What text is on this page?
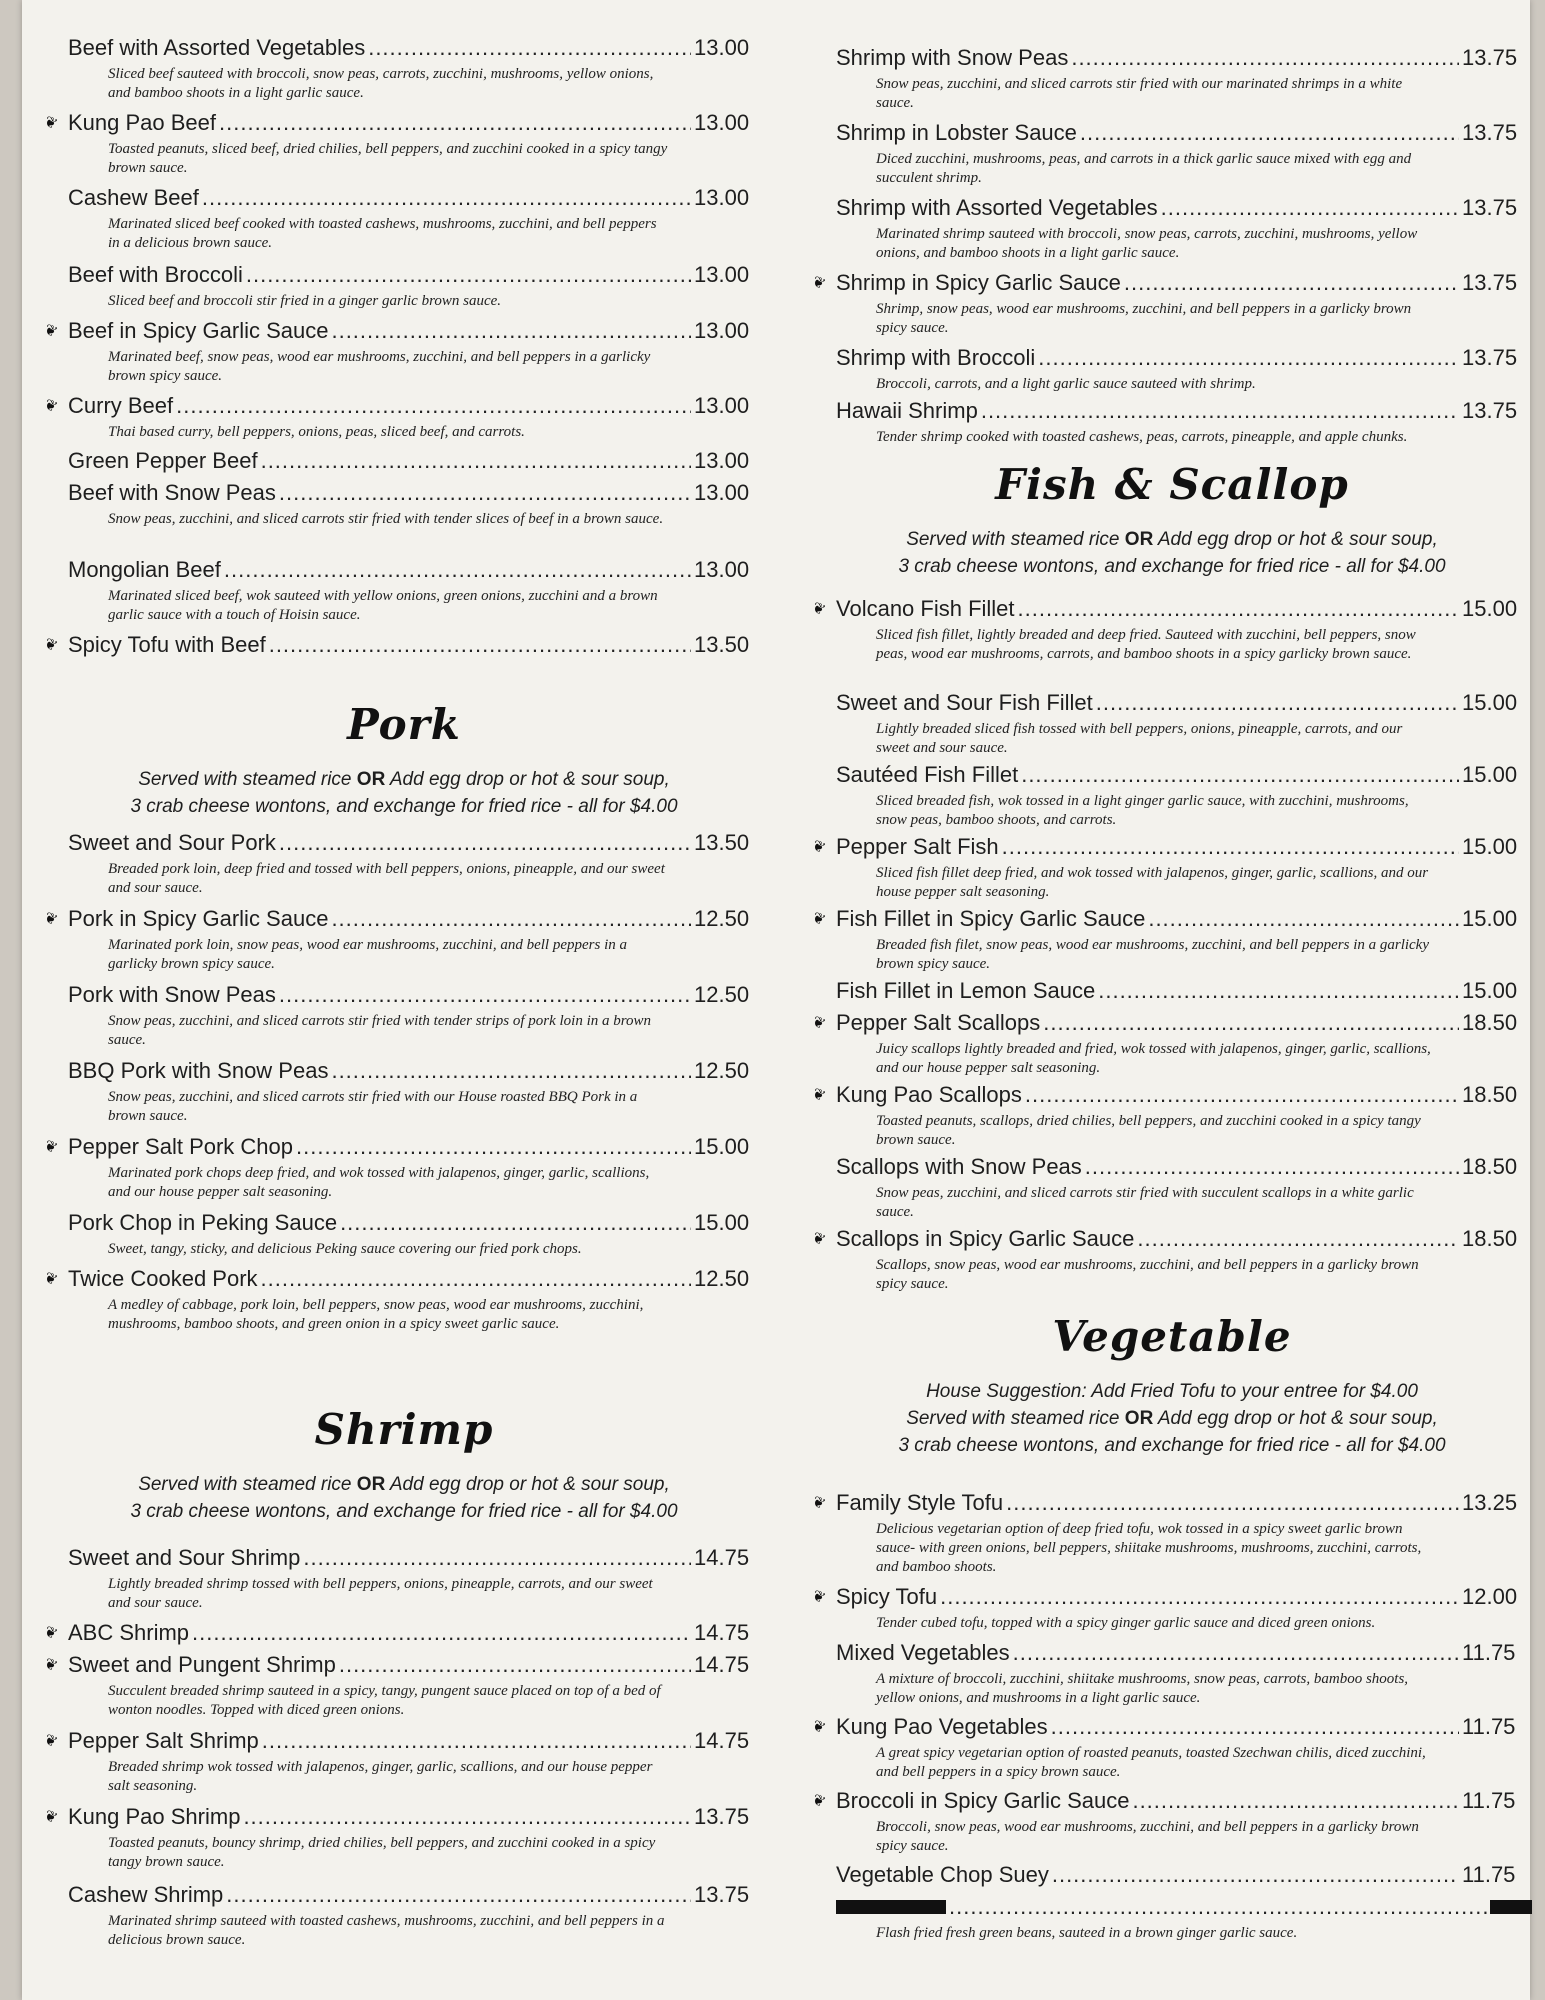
Beef with Assorted Vegetables .....	13.00
Sliced beef sauteed with broccoli, snow peas, carrots, zucchini, mushrooms, yellow onions, and bamboo shoots in a light garlic sauce.
❦ Kung Pao Beef .....	13.00
Toasted peanuts, sliced beef, dried chilies, bell peppers, and zucchini cooked in a spicy tangy brown sauce.
Cashew Beef .....	13.00
Marinated sliced beef cooked with toasted cashews, mushrooms, zucchini, and bell peppers in a delicious brown sauce.
Beef with Broccoli .....	13.00
Sliced beef and broccoli stir fried in a ginger garlic brown sauce.
❦ Beef in Spicy Garlic Sauce .....	13.00
Marinated beef, snow peas, wood ear mushrooms, zucchini, and bell peppers in a garlicky brown spicy sauce.
❦ Curry Beef .....	13.00
Thai based curry, bell peppers, onions, peas, sliced beef, and carrots.
Green Pepper Beef .....	13.00
Beef with Snow Peas .....	13.00
Snow peas, zucchini, and sliced carrots stir fried with tender slices of beef in a brown sauce.
Mongolian Beef .....	13.00
Marinated sliced beef, wok sauteed with yellow onions, green onions, zucchini and a brown garlic sauce with a touch of Hoisin sauce.
❦ Spicy Tofu with Beef .....	13.50
Pork
Served with steamed rice OR Add egg drop or hot & sour soup,
3 crab cheese wontons, and exchange for fried rice - all for $4.00
Sweet and Sour Pork .....	13.50
Breaded pork loin, deep fried and tossed with bell peppers, onions, pineapple, and our sweet and sour sauce.
❦ Pork in Spicy Garlic Sauce .....	12.50
Marinated pork loin, snow peas, wood ear mushrooms, zucchini, and bell peppers in a garlicky brown spicy sauce.
Pork with Snow Peas .....	12.50
Snow peas, zucchini, and sliced carrots stir fried with tender strips of pork loin in a brown sauce.
BBQ Pork with Snow Peas .....	12.50
Snow peas, zucchini, and sliced carrots stir fried with our House roasted BBQ Pork in a brown sauce.
❦ Pepper Salt Pork Chop .....	15.00
Marinated pork chops deep fried, and wok tossed with jalapenos, ginger, garlic, scallions, and our house pepper salt seasoning.
Pork Chop in Peking Sauce .....	15.00
Sweet, tangy, sticky, and delicious Peking sauce covering our fried pork chops.
❦ Twice Cooked Pork .....	12.50
A medley of cabbage, pork loin, bell peppers, snow peas, wood ear mushrooms, zucchini, mushrooms, bamboo shoots, and green onion in a spicy sweet garlic sauce.
Shrimp
Served with steamed rice OR Add egg drop or hot & sour soup,
3 crab cheese wontons, and exchange for fried rice - all for $4.00
Sweet and Sour Shrimp .....	14.75
Lightly breaded shrimp tossed with bell peppers, onions, pineapple, carrots, and our sweet and sour sauce.
❦ ABC Shrimp .....	14.75
❦ Sweet and Pungent Shrimp .....	14.75
Succulent breaded shrimp sauteed in a spicy, tangy, pungent sauce placed on top of a bed of wonton noodles. Topped with diced green onions.
❦ Pepper Salt Shrimp .....	14.75
Breaded shrimp wok tossed with jalapenos, ginger, garlic, scallions, and our house pepper salt seasoning.
❦ Kung Pao Shrimp .....	13.75
Toasted peanuts, bouncy shrimp, dried chilies, bell peppers, and zucchini cooked in a spicy tangy brown sauce.
Cashew Shrimp .....	13.75
Marinated shrimp sauteed with toasted cashews, mushrooms, zucchini, and bell peppers in a delicious brown sauce.
Shrimp with Snow Peas .....	13.75
Snow peas, zucchini, and sliced carrots stir fried with our marinated shrimps in a white sauce.
Shrimp in Lobster Sauce .....	13.75
Diced zucchini, mushrooms, peas, and carrots in a thick garlic sauce mixed with egg and succulent shrimp.
Shrimp with Assorted Vegetables .....	13.75
Marinated shrimp sauteed with broccoli, snow peas, carrots, zucchini, mushrooms, yellow onions, and bamboo shoots in a light garlic sauce.
❦ Shrimp in Spicy Garlic Sauce .....	13.75
Shrimp, snow peas, wood ear mushrooms, zucchini, and bell peppers in a garlicky brown spicy sauce.
Shrimp with Broccoli .....	13.75
Broccoli, carrots, and a light garlic sauce sauteed with shrimp.
Hawaii Shrimp .....	13.75
Tender shrimp cooked with toasted cashews, peas, carrots, pineapple, and apple chunks.
Fish & Scallop
Served with steamed rice OR Add egg drop or hot & sour soup,
3 crab cheese wontons, and exchange for fried rice - all for $4.00
❦ Volcano Fish Fillet .....	15.00
Sliced fish fillet, lightly breaded and deep fried. Sauteed with zucchini, bell peppers, snow peas, wood ear mushrooms, carrots, and bamboo shoots in a spicy garlicky brown sauce.
Sweet and Sour Fish Fillet .....	15.00
Lightly breaded sliced fish tossed with bell peppers, onions, pineapple, carrots, and our sweet and sour sauce.
Sautéed Fish Fillet .....	15.00
Sliced breaded fish, wok tossed in a light ginger garlic sauce, with zucchini, mushrooms, snow peas, bamboo shoots, and carrots.
❦ Pepper Salt Fish .....	15.00
Sliced fish fillet deep fried, and wok tossed with jalapenos, ginger, garlic, scallions, and our house pepper salt seasoning.
❦ Fish Fillet in Spicy Garlic Sauce .....	15.00
Breaded fish filet, snow peas, wood ear mushrooms, zucchini, and bell peppers in a garlicky brown spicy sauce.
Fish Fillet in Lemon Sauce .....	15.00
❦ Pepper Salt Scallops .....	18.50
Juicy scallops lightly breaded and fried, wok tossed with jalapenos, ginger, garlic, scallions, and our house pepper salt seasoning.
❦ Kung Pao Scallops .....	18.50
Toasted peanuts, scallops, dried chilies, bell peppers, and zucchini cooked in a spicy tangy brown sauce.
Scallops with Snow Peas .....	18.50
Snow peas, zucchini, and sliced carrots stir fried with succulent scallops in a white garlic sauce.
❦ Scallops in Spicy Garlic Sauce .....	18.50
Scallops, snow peas, wood ear mushrooms, zucchini, and bell peppers in a garlicky brown spicy sauce.
Vegetable
House Suggestion: Add Fried Tofu to your entree for $4.00
Served with steamed rice OR Add egg drop or hot & sour soup,
3 crab cheese wontons, and exchange for fried rice - all for $4.00
❦ Family Style Tofu .....	13.25
Delicious vegetarian option of deep fried tofu, wok tossed in a spicy sweet garlic brown sauce- with green onions, bell peppers, shiitake mushrooms, mushrooms, zucchini, carrots, and bamboo shoots.
❦ Spicy Tofu .....	12.00
Tender cubed tofu, topped with a spicy ginger garlic sauce and diced green onions.
Mixed Vegetables .....	11.75
A mixture of broccoli, zucchini, shiitake mushrooms, snow peas, carrots, bamboo shoots, yellow onions, and mushrooms in a light garlic sauce.
❦ Kung Pao Vegetables .....	11.75
A great spicy vegetarian option of roasted peanuts, toasted Szechwan chilis, diced zucchini, and bell peppers in a spicy brown sauce.
❦ Broccoli in Spicy Garlic Sauce .....	11.75
Broccoli, snow peas, wood ear mushrooms, zucchini, and bell peppers in a garlicky brown spicy sauce.
Vegetable Chop Suey .....	11.75
.....
Flash fried fresh green beans, sauteed in a brown ginger garlic sauce.
